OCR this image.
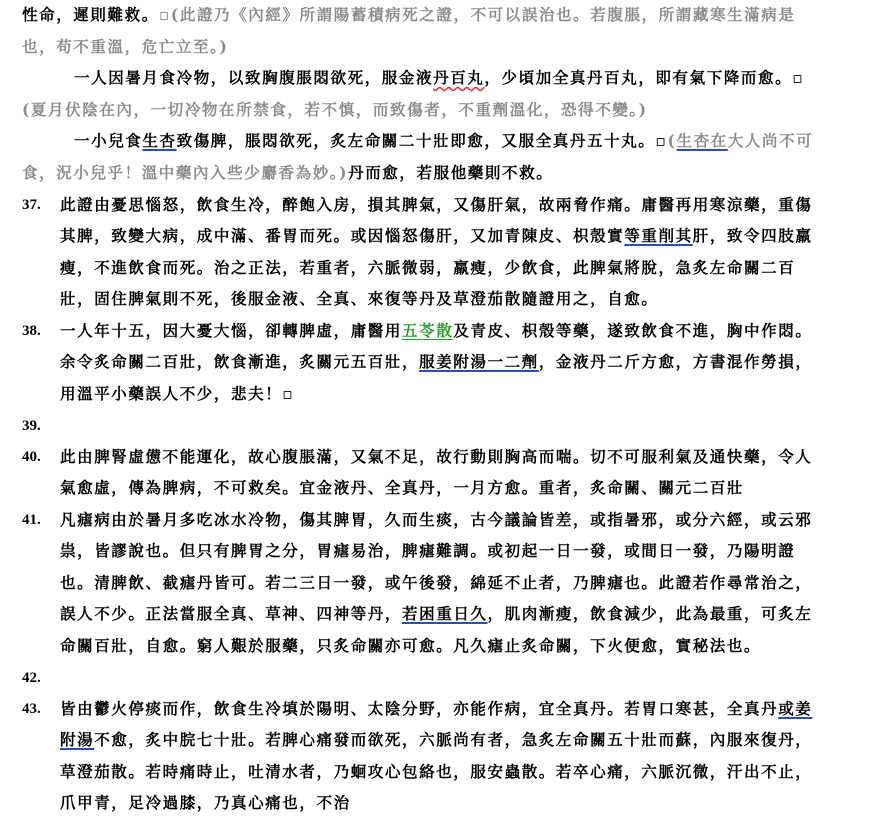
性命，遲則難救。▫(此證乃《內經》所謂陽蓄積病死之證，不可以誤治也。若腹脹，所謂藏寒生滿病是
也，苟不重溫，危亡立至。)
一人因暑月食冷物，以致胸腹脹悶欲死，服金液丹百丸，少頃加全真丹百丸，即有氣下降而愈。▫
(夏月伏陰在內，一切冷物在所禁食，若不慎，而致傷者，不重劑溫化，恐得不變。)
一小兒食生杏致傷脾，脹悶欲死，炙左命關二十壯即愈，又服全真丹五十丸。▫(生杏在大人尚不可
食，況小兒乎！溫中藥內入些少麝香為妙。)丹而愈，若服他藥則不救。
37. 此證由憂思惱怒，飲食生冷，醉飽入房，損其脾氣，又傷肝氣，故兩脅作痛。庸醫再用寒涼藥，重傷
其脾，致變大病，成中滿、番胃而死。或因惱怒傷肝，又加青陳皮、枳殼實等重削其肝，致令四肢羸
瘦，不進飲食而死。治之正法，若重者，六脈微弱，羸瘦，少飲食，此脾氣將脫，急炙左命關二百
壯，固住脾氣則不死，後服金液、全真、來復等丹及草澄茄散隨證用之，自愈。
38. 一人年十五，因大憂大惱，卻轉脾虛，庸醫用五苓散及青皮、枳殼等藥，遂致飲食不進，胸中作悶。
余令炙命關二百壯，飲食漸進，炙關元五百壯，服姜附湯一二劑，金液丹二斤方愈，方書混作勞損，
用溫平小藥誤人不少，悲夫！▫
39.
40. 此由脾腎虛憊不能運化，故心腹脹滿，又氣不足，故行動則胸高而喘。切不可服利氣及通快藥，令人
氣愈虛，傳為脾病，不可救矣。宜金液丹、全真丹，一月方愈。重者，炙命關、關元二百壯
41. 凡瘧病由於暑月多吃冰水冷物，傷其脾胃，久而生痰，古今議論皆差，或指暑邪，或分六經，或云邪
祟，皆謬說也。但只有脾胃之分，胃瘧易治，脾瘧難調。或初起一日一發，或間日一發，乃陽明證
也。清脾飲、截瘧丹皆可。若二三日一發，或午後發，綿延不止者，乃脾瘧也。此證若作尋常治之，
誤人不少。正法當服全真、草神、四神等丹，若困重日久，肌肉漸瘦，飲食減少，此為最重，可炙左
命關百壯，自愈。窮人艱於服藥，只炙命關亦可愈。凡久瘧止炙命關，下火便愈，實秘法也。
42.
43. 皆由鬱火停痰而作，飲食生冷填於陽明、太陰分野，亦能作病，宜全真丹。若胃口寒甚，全真丹或姜
附湯不愈，炙中脘七十壯。若脾心痛發而欲死，六脈尚有者，急炙左命關五十壯而蘇，內服來復丹，
草澄茄散。若時痛時止，吐清水者，乃蛔攻心包絡也，服安蟲散。若卒心痛，六脈沉微，汗出不止，
爪甲青，足冷過膝，乃真心痛也，不治
